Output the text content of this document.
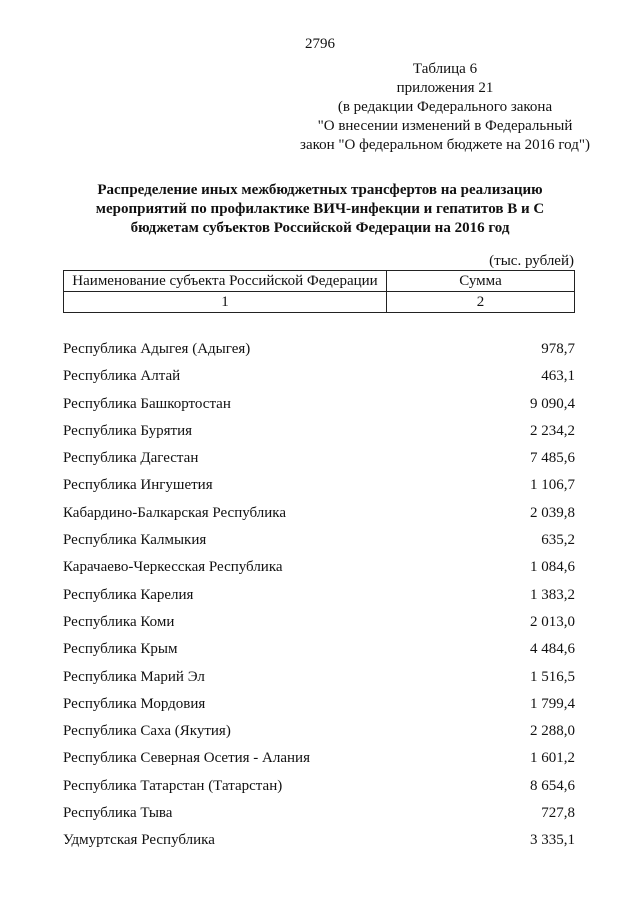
2796
Таблица 6
приложения 21
(в редакции Федерального закона
"О внесении изменений в Федеральный
закон "О федеральном бюджете на 2016 год")
Распределение иных межбюджетных трансфертов на реализацию
мероприятий по профилактике ВИЧ-инфекции и гепатитов B и C
бюджетам субъектов Российской Федерации на 2016 год
(тыс. рублей)
Наименование субъекта Российской Федерации	Сумма
1	2
Республика Адыгея (Адыгея)	978,7
Республика Алтай	463,1
Республика Башкортостан	9 090,4
Республика Бурятия	2 234,2
Республика Дагестан	7 485,6
Республика Ингушетия	1 106,7
Кабардино-Балкарская Республика	2 039,8
Республика Калмыкия	635,2
Карачаево-Черкесская Республика	1 084,6
Республика Карелия	1 383,2
Республика Коми	2 013,0
Республика Крым	4 484,6
Республика Марий Эл	1 516,5
Республика Мордовия	1 799,4
Республика Саха (Якутия)	2 288,0
Республика Северная Осетия - Алания	1 601,2
Республика Татарстан (Татарстан)	8 654,6
Республика Тыва	727,8
Удмуртская Республика	3 335,1
